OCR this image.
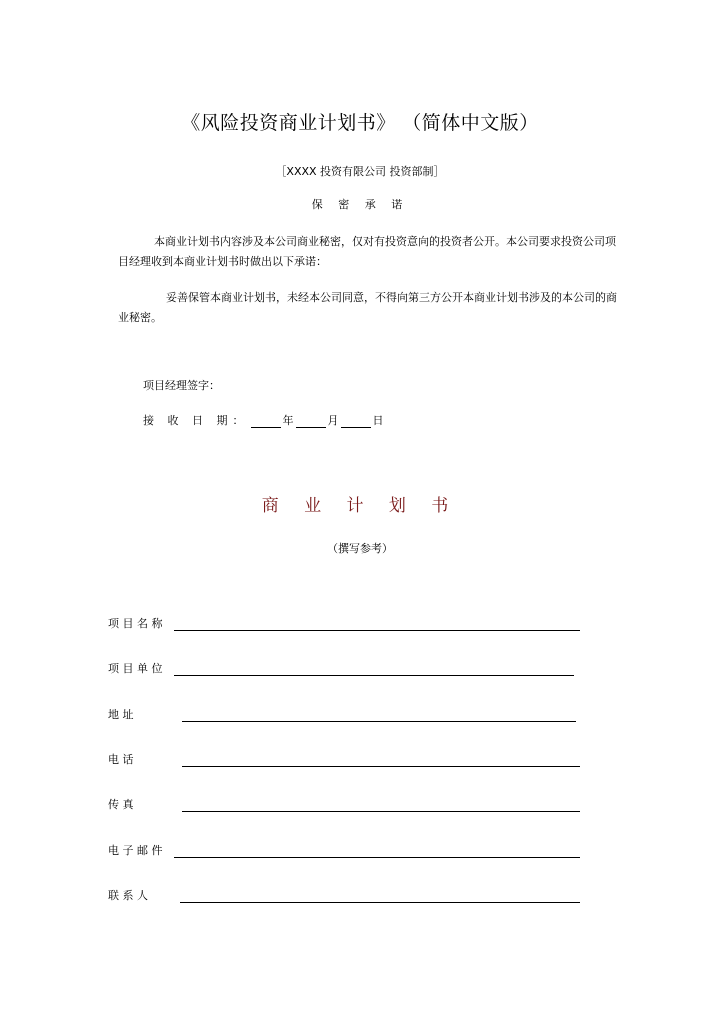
《风险投资商业计划书》 （简体中文版）
［XXXX 投资有限公司 投资部制］
保 密 承 诺
本商业计划书内容涉及本公司商业秘密，仅对有投资意向的投资者公开。本公司要求投资公司项目经理收到本商业计划书时做出以下承诺：
妥善保管本商业计划书，未经本公司同意，不得向第三方公开本商业计划书涉及的本公司的商业秘密。
项目经理签字：
接 收 日 期：	年	月	日
商 业 计 划 书
（撰写参考）
项 目 名 称
项 目 单 位
地 址
电 话
传 真
电 子 邮 件
联 系 人
